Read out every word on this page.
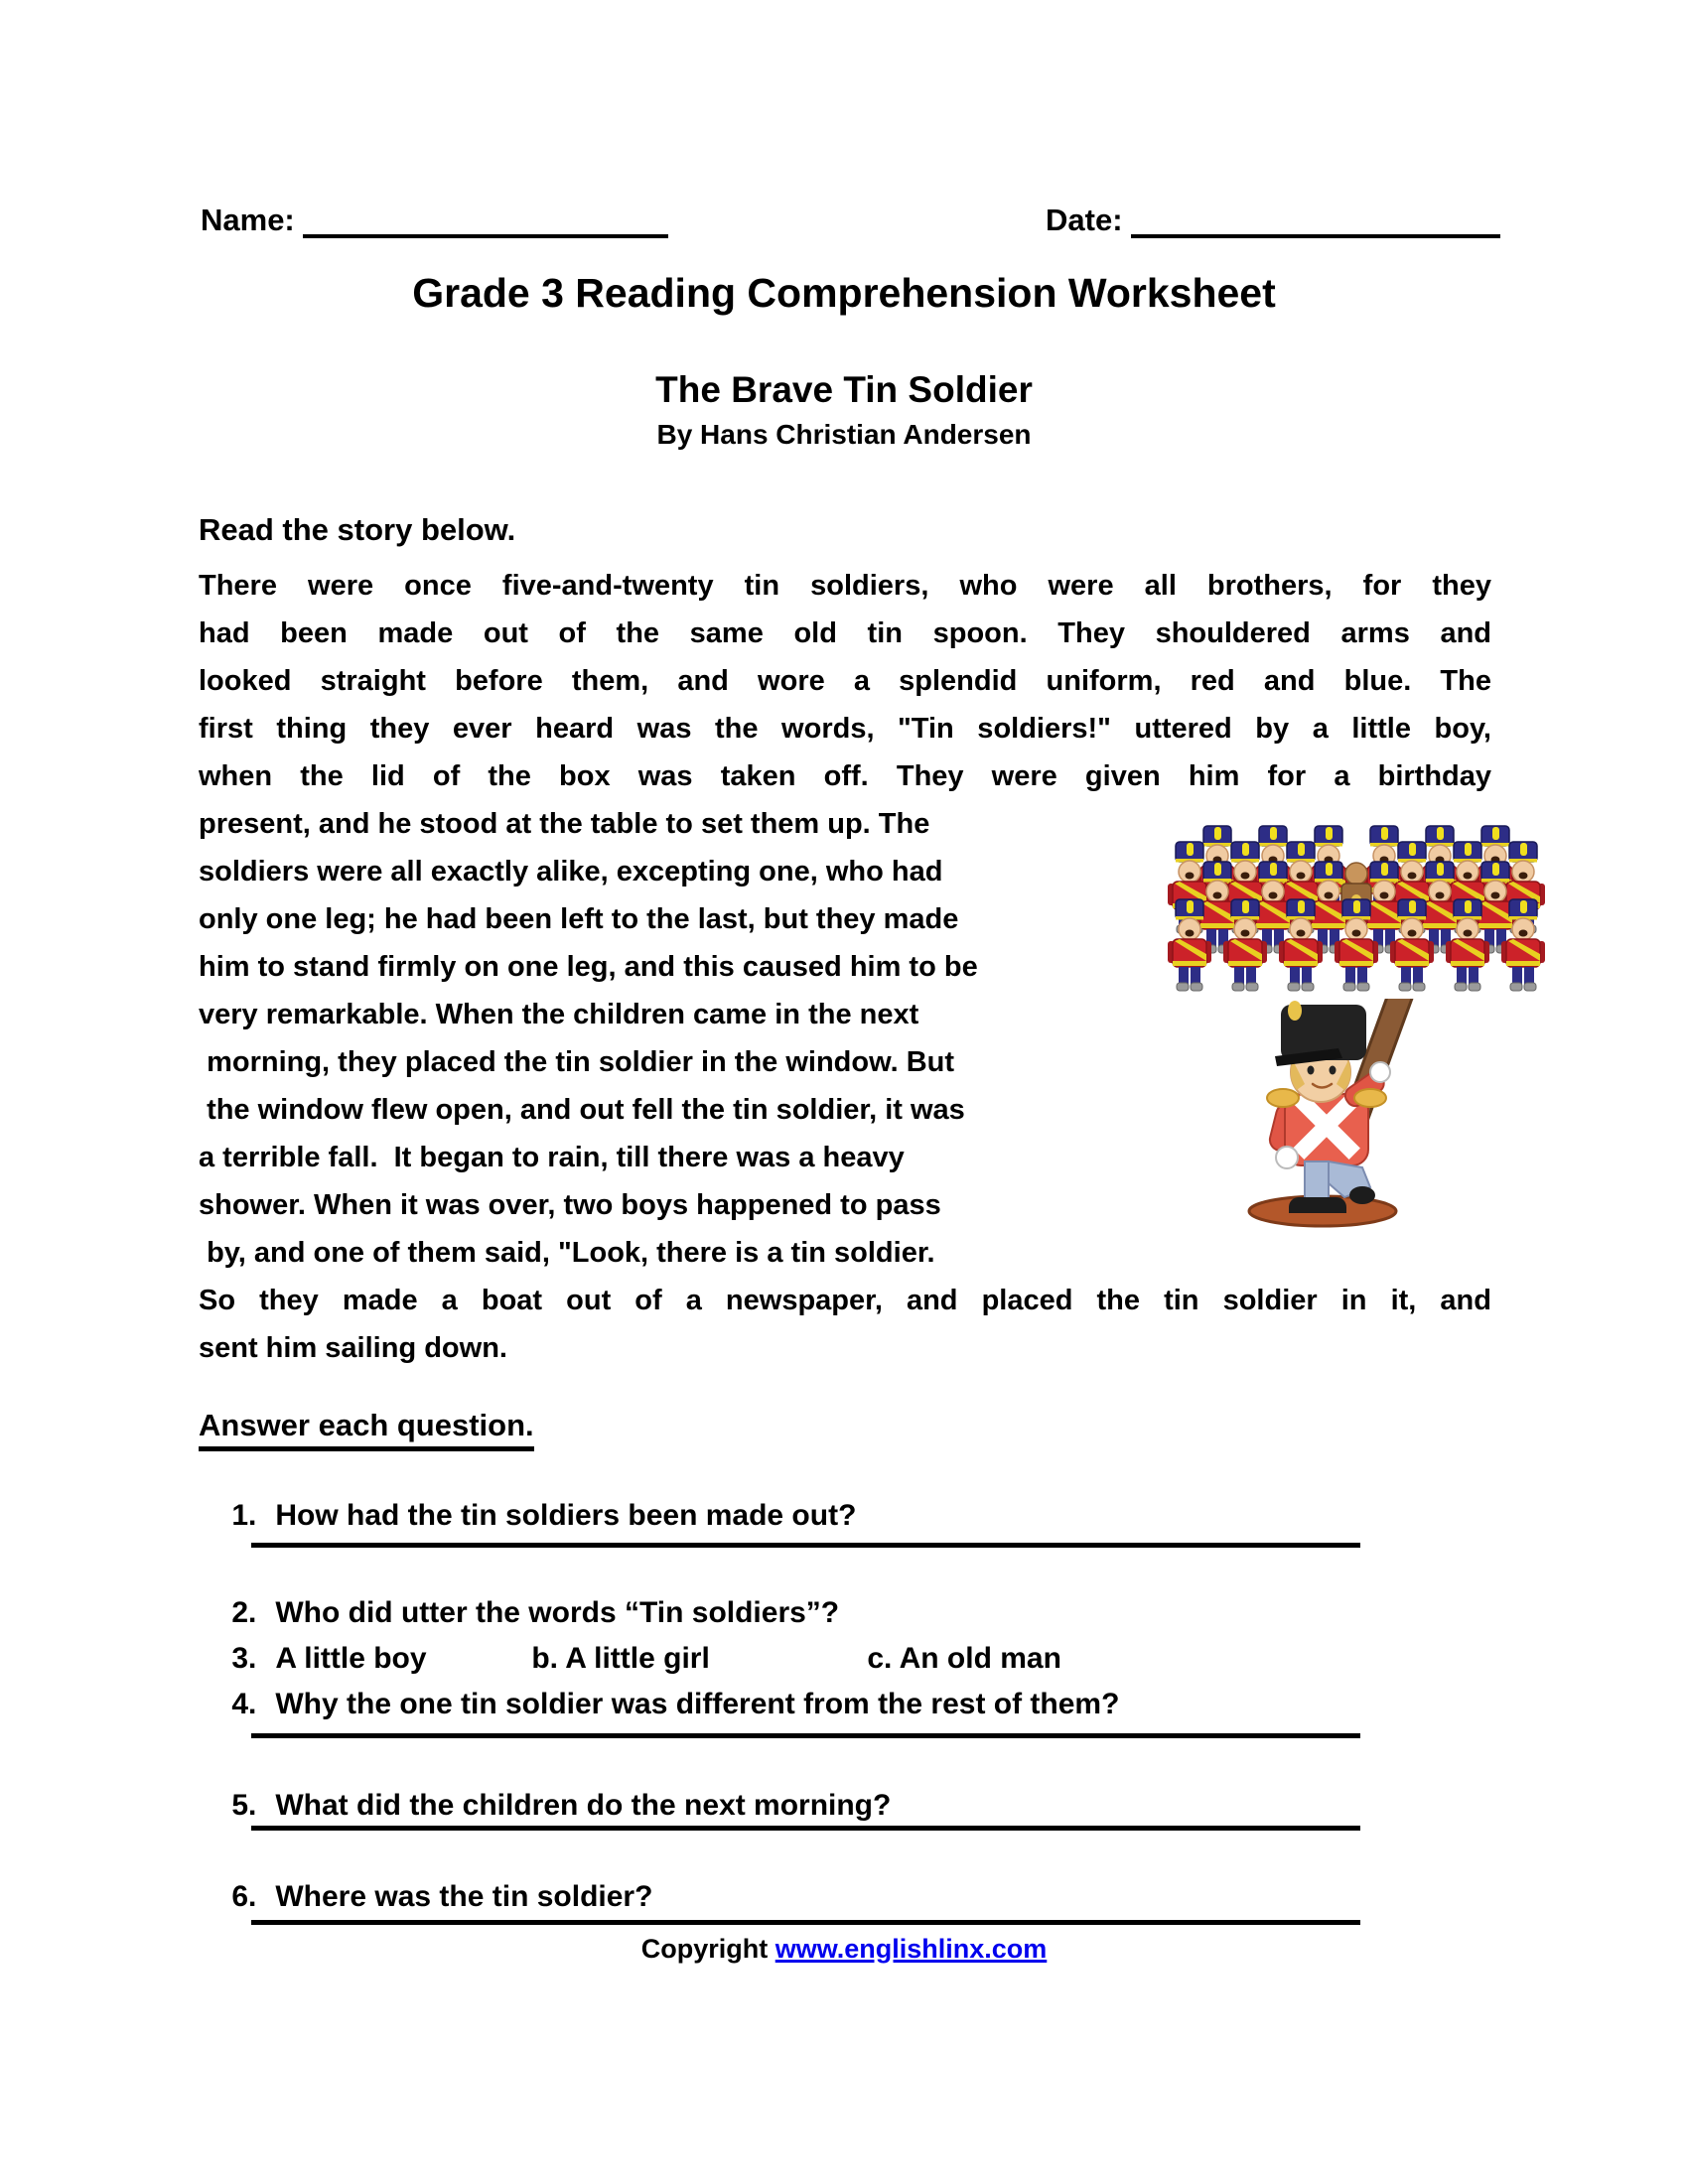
Name:	Date:
Grade 3 Reading Comprehension Worksheet
The Brave Tin Soldier
By Hans Christian Andersen
Read the story below.
There were once five-and-twenty tin soldiers, who were all brothers, for they
had been made out of the same old tin spoon. They shouldered arms and
looked straight before them, and wore a splendid uniform, red and blue. The
first thing they ever heard was the words, "Tin soldiers!" uttered by a little boy,
when the lid of the box was taken off. They were given him for a birthday
present, and he stood at the table to set them up. The
soldiers were all exactly alike, excepting one, who had
only one leg; he had been left to the last, but they made
him to stand firmly on one leg, and this caused him to be
very remarkable. When the children came in the next
morning, they placed the tin soldier in the window. But
the window flew open, and out fell the tin soldier, it was
a terrible fall.  It began to rain, till there was a heavy
shower. When it was over, two boys happened to pass
by, and one of them said, "Look, there is a tin soldier.
So they made a boat out of a newspaper, and placed the tin soldier in it, and
sent him sailing down.
Answer each question.

1. How had the tin soldiers been made out?

2. Who did utter the words “Tin soldiers”?

3. A little boy	b. A little girl	c. An old man

4. Why the one tin soldier was different from the rest of them?

5. What did the children do the next morning?

6. Where was the tin soldier?

Copyright www.englishlinx.com
